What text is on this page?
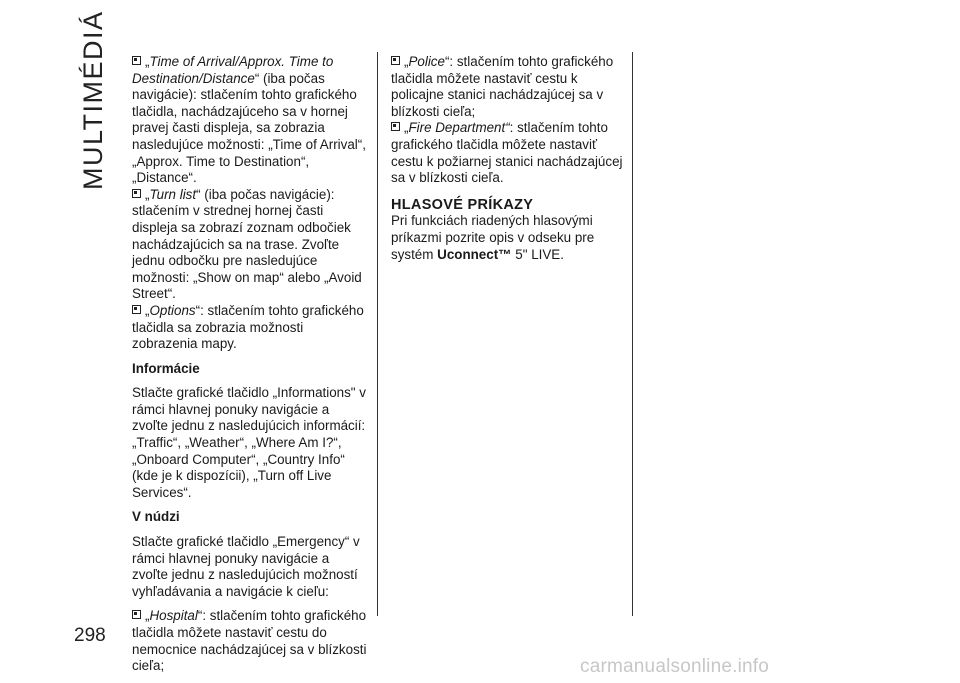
MULTIMÉDIÁ
298

„Time of Arrival/Approx. Time to Destination/Distance“ (iba počas navigácie): stlačením tohto grafického tlačidla, nachádzajúceho sa v hornej pravej časti displeja, sa zobrazia nasledujúce možnosti: „Time of Arrival“, „Approx. Time to Destination“, „Distance“.

„Turn list“ (iba počas navigácie): stlačením v strednej hornej časti displeja sa zobrazí zoznam odbočiek nachádzajúcich sa na trase. Zvoľte jednu odbočku pre nasledujúce možnosti: „Show on map“ alebo „Avoid Street“.

„Options“: stlačením tohto grafického tlačidla sa zobrazia možnosti zobrazenia mapy.

Informácie

Stlačte grafické tlačidlo „Informations" v rámci hlavnej ponuky navigácie a zvoľte jednu z nasledujúcich informácií: „Traffic“, „Weather“, „Where Am I?“, „Onboard Computer“, „Country Info“ (kde je k dispozícii), „Turn off Live Services“.

V núdzi

Stlačte grafické tlačidlo „Emergency“ v rámci hlavnej ponuky navigácie a zvoľte jednu z nasledujúcich možností vyhľadávania a navigácie k cieľu:

„Hospital“: stlačením tohto grafického tlačidla môžete nastaviť cestu do nemocnice nachádzajúcej sa v blízkosti cieľa;

„Police“: stlačením tohto grafického tlačidla môžete nastaviť cestu k policajne stanici nachádzajúcej sa v blízkosti cieľa;

„Fire Department“: stlačením tohto grafického tlačidla môžete nastaviť cestu k požiarnej stanici nachádzajúcej sa v blízkosti cieľa.

HLASOVÉ PRÍKAZY

Pri funkciách riadených hlasovými príkazmi pozrite opis v odseku pre systém Uconnect™ 5" LIVE.

carmanualsonline.info
